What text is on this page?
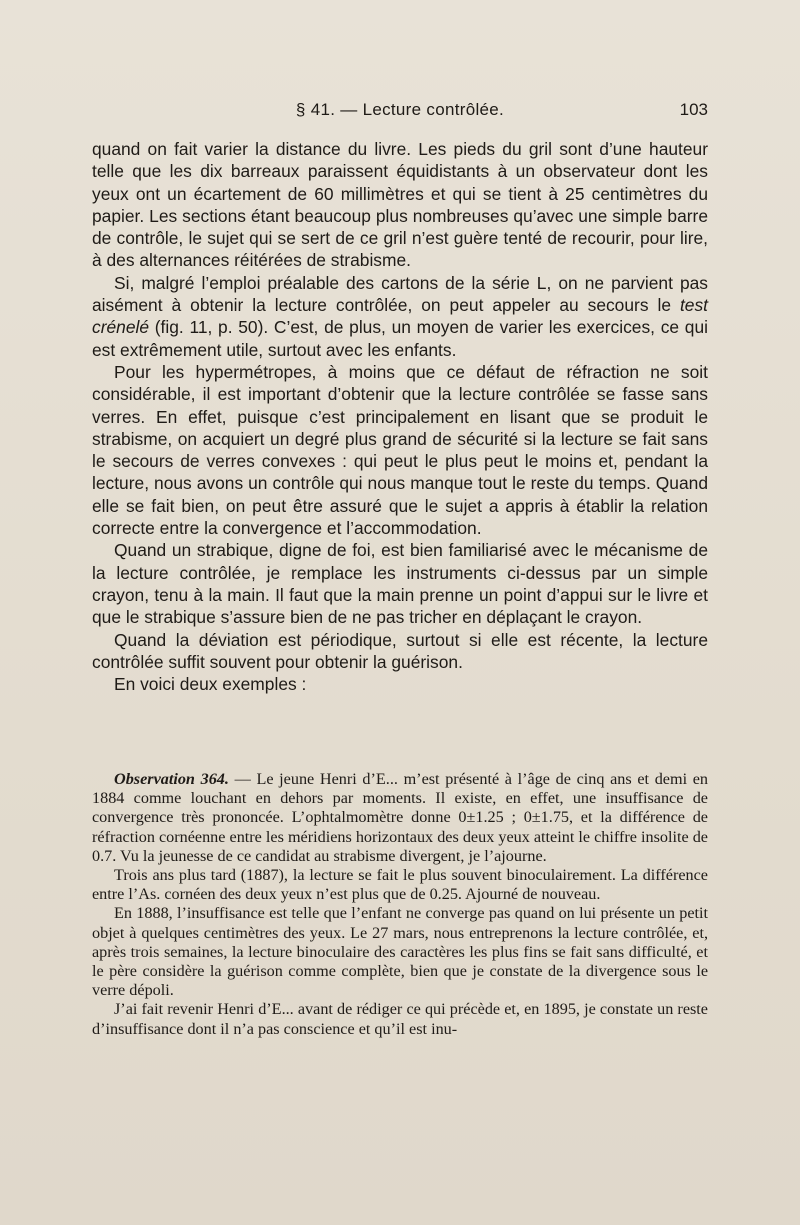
§ 41. — Lecture contrôlée.	103

quand on fait varier la distance du livre. Les pieds du gril sont d’une hauteur telle que les dix barreaux paraissent équidistants à un observateur dont les yeux ont un écartement de 60 millimètres et qui se tient à 25 centimètres du papier. Les sections étant beaucoup plus nombreuses qu’avec une simple barre de contrôle, le sujet qui se sert de ce gril n’est guère tenté de recourir, pour lire, à des alternances réitérées de strabisme.

Si, malgré l’emploi préalable des cartons de la série L, on ne parvient pas aisément à obtenir la lecture contrôlée, on peut appeler au secours le test crénelé (fig. 11, p. 50). C’est, de plus, un moyen de varier les exercices, ce qui est extrêmement utile, surtout avec les enfants.

Pour les hypermétropes, à moins que ce défaut de réfraction ne soit considérable, il est important d’obtenir que la lecture contrôlée se fasse sans verres. En effet, puisque c’est principalement en lisant que se produit le strabisme, on acquiert un degré plus grand de sécurité si la lecture se fait sans le secours de verres convexes : qui peut le plus peut le moins et, pendant la lecture, nous avons un contrôle qui nous manque tout le reste du temps. Quand elle se fait bien, on peut être assuré que le sujet a appris à établir la relation correcte entre la convergence et l’accommodation.

Quand un strabique, digne de foi, est bien familiarisé avec le mécanisme de la lecture contrôlée, je remplace les instruments ci-dessus par un simple crayon, tenu à la main. Il faut que la main prenne un point d’appui sur le livre et que le strabique s’assure bien de ne pas tricher en déplaçant le crayon.

Quand la déviation est périodique, surtout si elle est récente, la lecture contrôlée suffit souvent pour obtenir la guérison.

En voici deux exemples :

Observation 364. — Le jeune Henri d’E... m’est présenté à l’âge de cinq ans et demi en 1884 comme louchant en dehors par moments. Il existe, en effet, une insuffisance de convergence très prononcée. L’ophtalmomètre donne 0±1.25 ; 0±1.75, et la différence de réfraction cornéenne entre les méridiens horizontaux des deux yeux atteint le chiffre insolite de 0.7. Vu la jeunesse de ce candidat au strabisme divergent, je l’ajourne.

Trois ans plus tard (1887), la lecture se fait le plus souvent binoculairement. La différence entre l’As. cornéen des deux yeux n’est plus que de 0.25. Ajourné de nouveau.

En 1888, l’insuffisance est telle que l’enfant ne converge pas quand on lui présente un petit objet à quelques centimètres des yeux. Le 27 mars, nous entreprenons la lecture contrôlée, et, après trois semaines, la lecture binoculaire des caractères les plus fins se fait sans difficulté, et le père considère la guérison comme complète, bien que je constate de la divergence sous le verre dépoli.

J’ai fait revenir Henri d’E... avant de rédiger ce qui précède et, en 1895, je constate un reste d’insuffisance dont il n’a pas conscience et qu’il est inu-
